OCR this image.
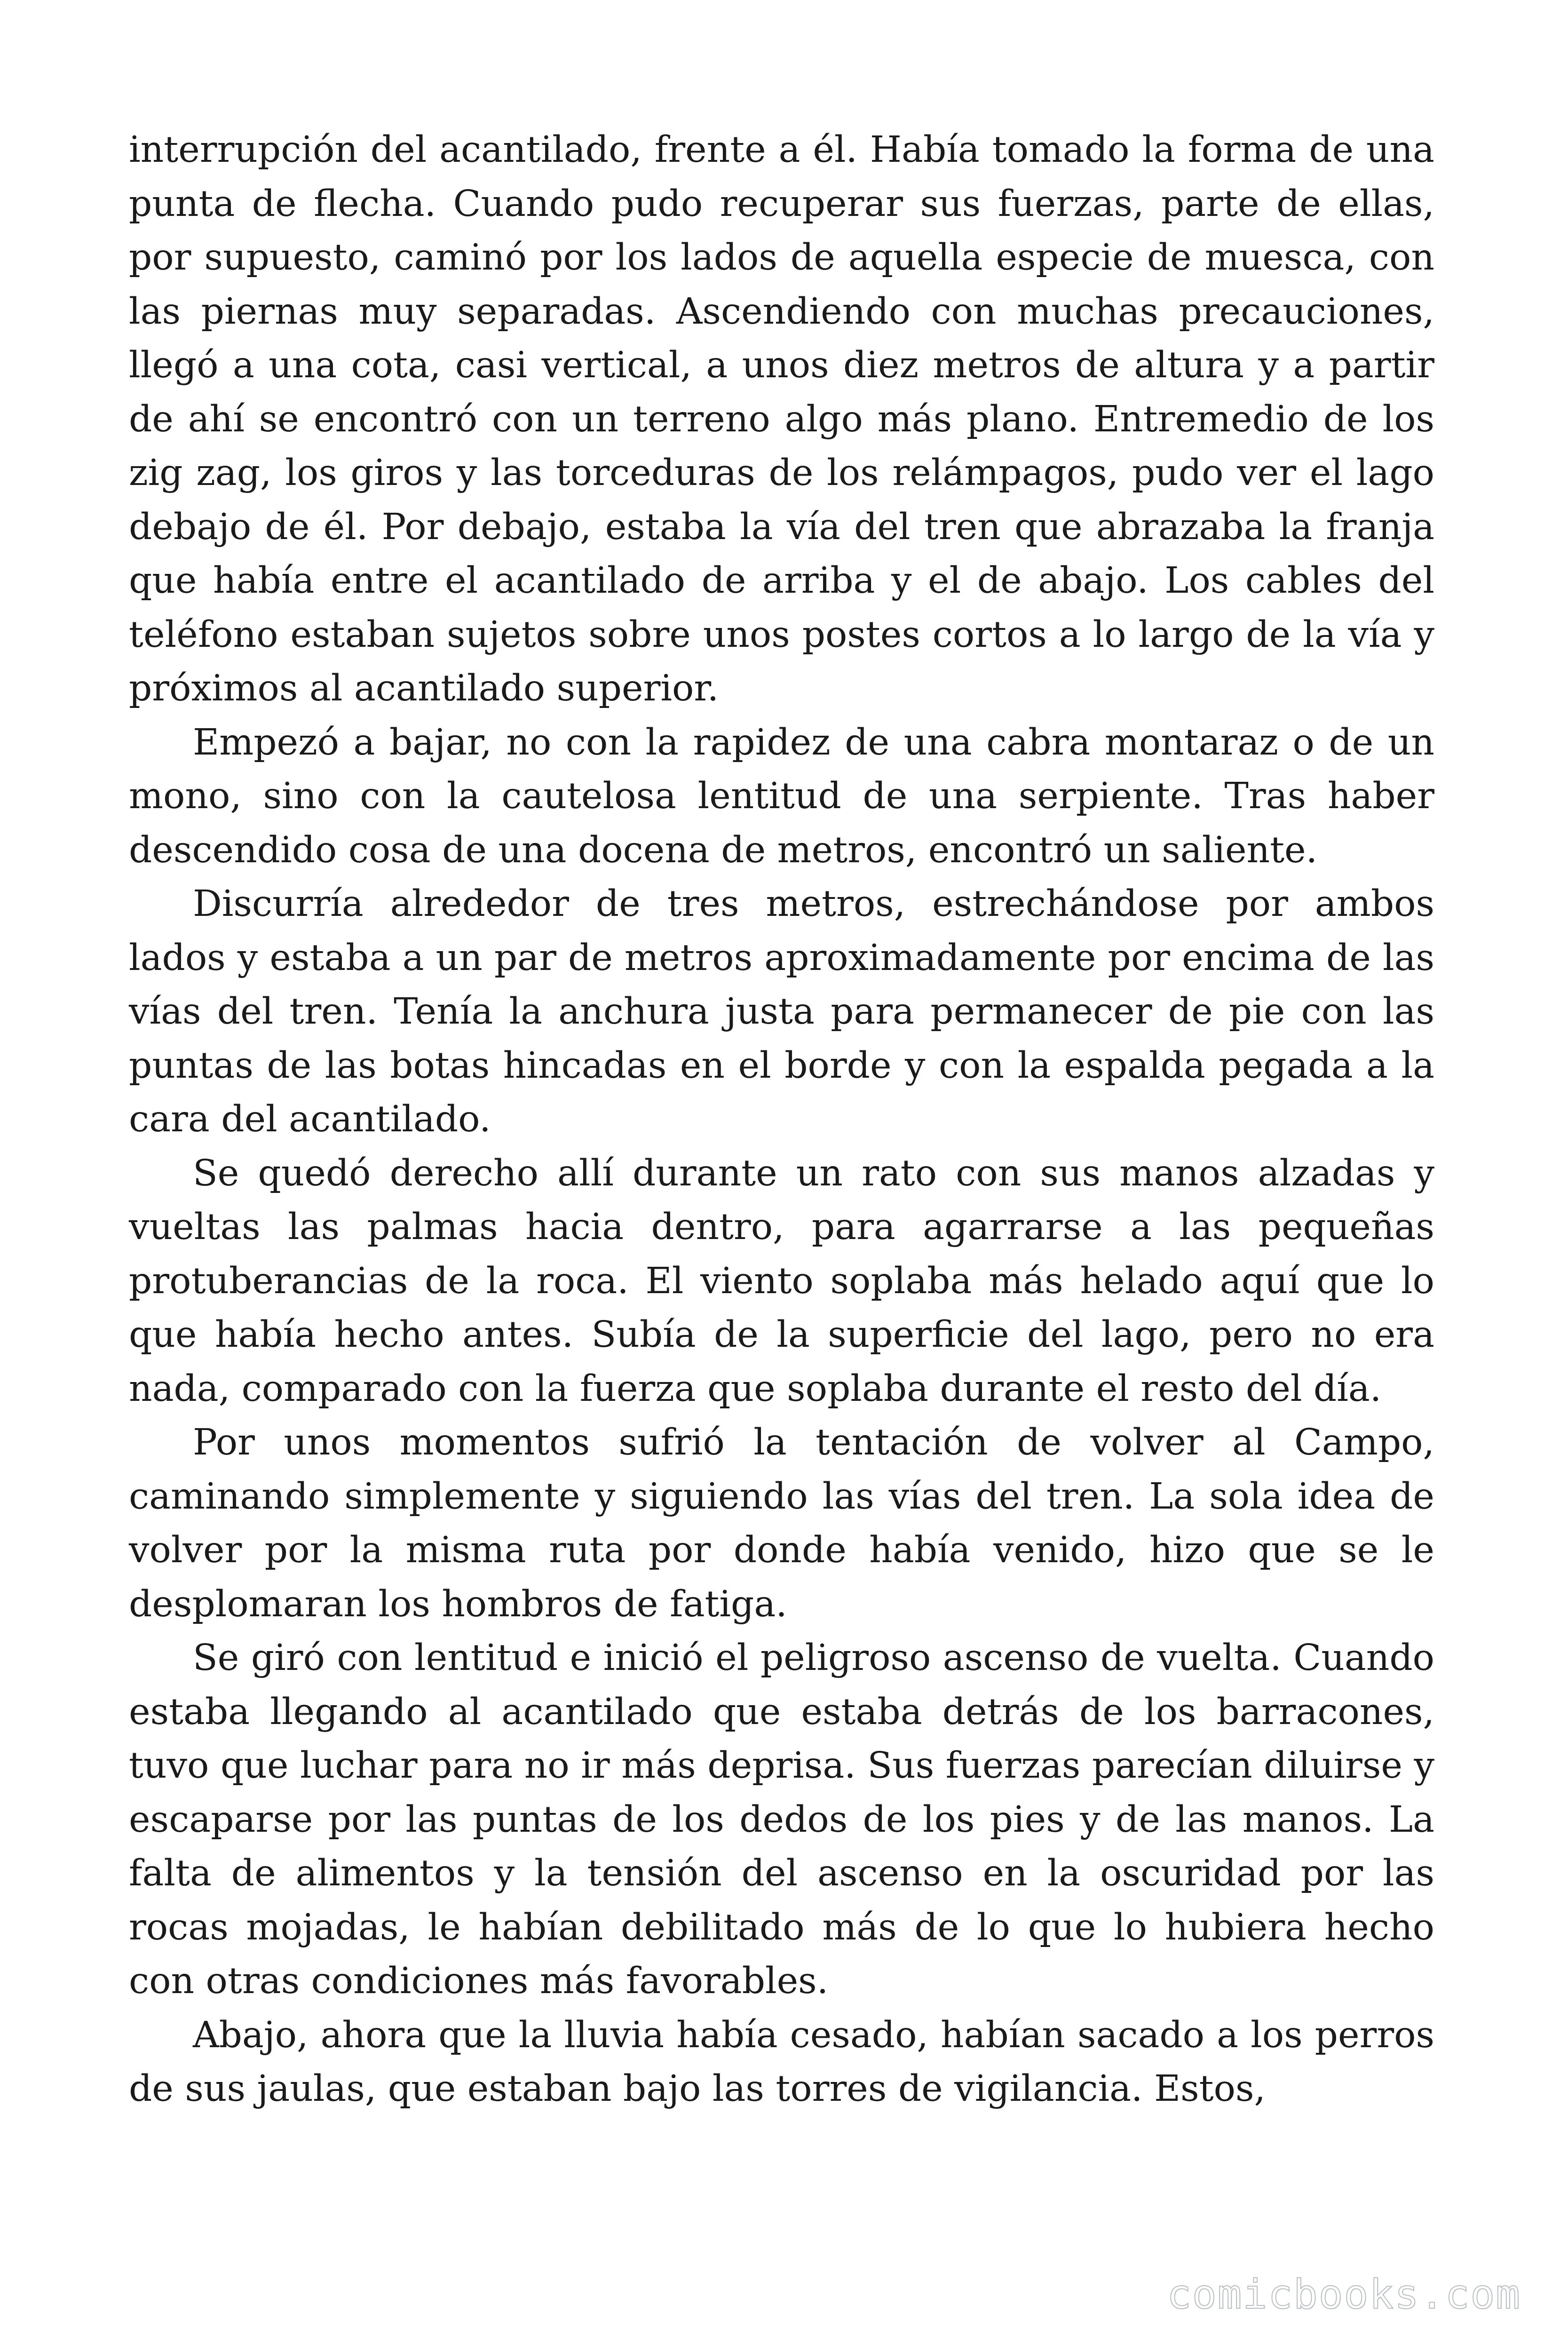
interrupción del acantilado, frente a él. Había tomado la forma de una punta de flecha. Cuando pudo recuperar sus fuerzas, parte de ellas, por supuesto, caminó por los lados de aquella especie de muesca, con las piernas muy separadas. Ascendiendo con muchas precauciones, llegó a una cota, casi vertical, a unos diez metros de altura y a partir de ahí se encontró con un terreno algo más plano. Entremedio de los zig zag, los giros y las torceduras de los relámpagos, pudo ver el lago debajo de él. Por debajo, estaba la vía del tren que abrazaba la franja que había entre el acantilado de arriba y el de abajo. Los cables del teléfono estaban sujetos sobre unos postes cortos a lo largo de la vía y próximos al acantilado superior.

Empezó a bajar, no con la rapidez de una cabra montaraz o de un mono, sino con la cautelosa lentitud de una serpiente. Tras haber descendido cosa de una docena de metros, encontró un saliente.

Discurría alrededor de tres metros, estrechándose por ambos lados y estaba a un par de metros aproximadamente por encima de las vías del tren. Tenía la anchura justa para permanecer de pie con las puntas de las botas hincadas en el borde y con la espalda pegada a la cara del acantilado.

Se quedó derecho allí durante un rato con sus manos alzadas y vueltas las palmas hacia dentro, para agarrarse a las pequeñas protuberancias de la roca. El viento soplaba más helado aquí que lo que había hecho antes. Subía de la superficie del lago, pero no era nada, comparado con la fuerza que soplaba durante el resto del día.

Por unos momentos sufrió la tentación de volver al Campo, caminando simplemente y siguiendo las vías del tren. La sola idea de volver por la misma ruta por donde había venido, hizo que se le desplomaran los hombros de fatiga.

Se giró con lentitud e inició el peligroso ascenso de vuelta. Cuando estaba llegando al acantilado que estaba detrás de los barracones, tuvo que luchar para no ir más deprisa. Sus fuerzas parecían diluirse y escaparse por las puntas de los dedos de los pies y de las manos. La falta de alimentos y la tensión del ascenso en la oscuridad por las rocas mojadas, le habían debilitado más de lo que lo hubiera hecho con otras condiciones más favorables.

Abajo, ahora que la lluvia había cesado, habían sacado a los perros de sus jaulas, que estaban bajo las torres de vigilancia. Estos,

comicbooks.com
